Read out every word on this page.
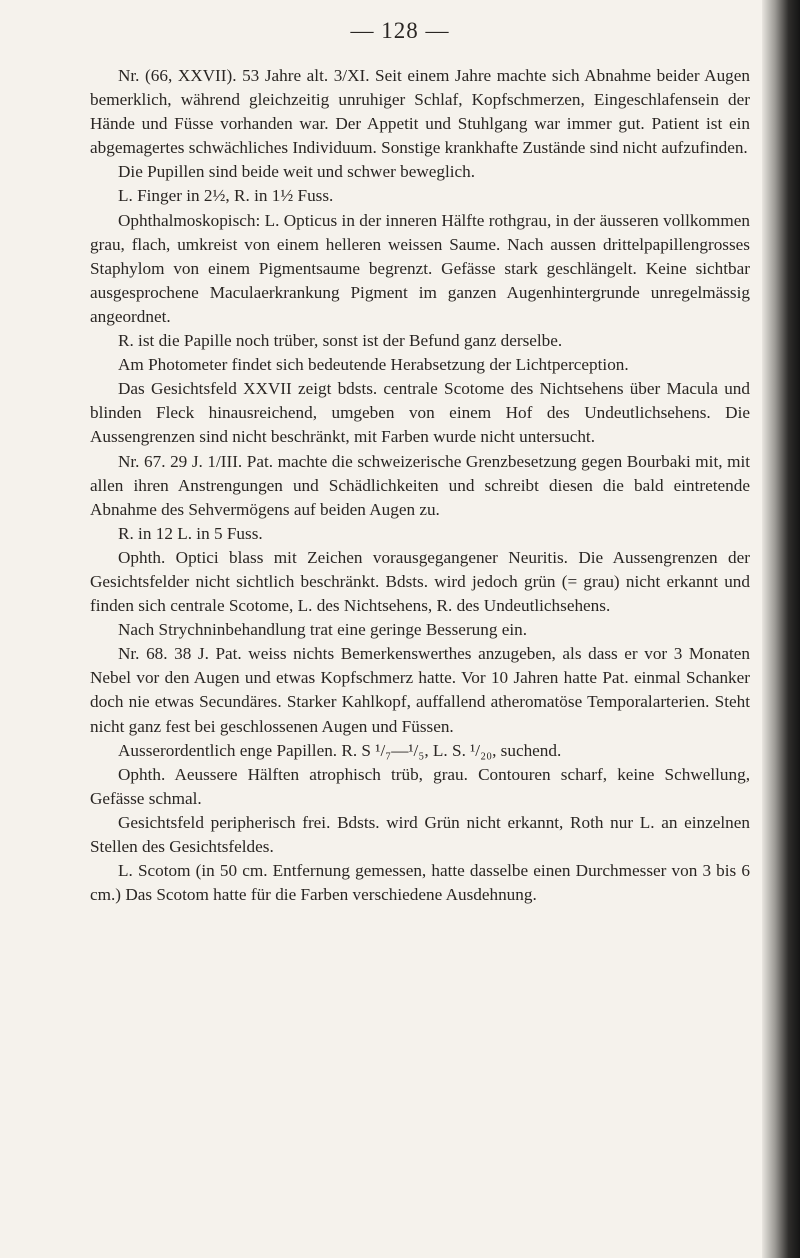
— 128 —

Nr. (66, XXVII). 53 Jahre alt. 3/XI. Seit einem Jahre machte sich Abnahme beider Augen bemerklich, während gleichzeitig unruhiger Schlaf, Kopfschmerzen, Eingeschlafensein der Hände und Füsse vorhanden war. Der Appetit und Stuhlgang war immer gut. Patient ist ein abgemagertes schwächliches Individuum. Sonstige krankhafte Zustände sind nicht aufzufinden.

Die Pupillen sind beide weit und schwer beweglich.

L. Finger in 2½, R. in 1½ Fuss.

Ophthalmoskopisch: L. Opticus in der inneren Hälfte rothgrau, in der äusseren vollkommen grau, flach, umkreist von einem helleren weissen Saume. Nach aussen drittelpapillengrosses Staphylom von einem Pigmentsaume begrenzt. Gefässe stark geschlängelt. Keine sichtbar ausgesprochene Maculaerkrankung Pigment im ganzen Augenhintergrunde unregelmässig angeordnet.

R. ist die Papille noch trüber, sonst ist der Befund ganz derselbe.

Am Photometer findet sich bedeutende Herabsetzung der Lichtperception.

Das Gesichtsfeld XXVII zeigt bdsts. centrale Scotome des Nichtsehens über Macula und blinden Fleck hinausreichend, umgeben von einem Hof des Undeutlichsehens. Die Aussengrenzen sind nicht beschränkt, mit Farben wurde nicht untersucht.

Nr. 67. 29 J. 1/III. Pat. machte die schweizerische Grenzbesetzung gegen Bourbaki mit, mit allen ihren Anstrengungen und Schädlichkeiten und schreibt diesen die bald eintretende Abnahme des Sehvermögens auf beiden Augen zu.

R. in 12 L. in 5 Fuss.

Ophth. Optici blass mit Zeichen vorausgegangener Neuritis. Die Aussengrenzen der Gesichtsfelder nicht sichtlich beschränkt. Bdsts. wird jedoch grün (= grau) nicht erkannt und finden sich centrale Scotome, L. des Nichtsehens, R. des Undeutlichsehens.

Nach Strychninbehandlung trat eine geringe Besserung ein.

Nr. 68. 38 J. Pat. weiss nichts Bemerkenswerthes anzugeben, als dass er vor 3 Monaten Nebel vor den Augen und etwas Kopfschmerz hatte. Vor 10 Jahren hatte Pat. einmal Schanker doch nie etwas Secundäres. Starker Kahlkopf, auffallend atheromatöse Temporalarterien. Steht nicht ganz fest bei geschlossenen Augen und Füssen.

Ausserordentlich enge Papillen. R. S ¹/₇—¹/₅, L. S. ¹/₂₀, suchend.

Ophth. Aeussere Hälften atrophisch trüb, grau. Contouren scharf, keine Schwellung, Gefässe schmal.

Gesichtsfeld peripherisch frei. Bdsts. wird Grün nicht erkannt, Roth nur L. an einzelnen Stellen des Gesichtsfeldes.

L. Scotom (in 50 cm. Entfernung gemessen, hatte dasselbe einen Durchmesser von 3 bis 6 cm.) Das Scotom hatte für die Farben verschiedene Ausdehnung.
